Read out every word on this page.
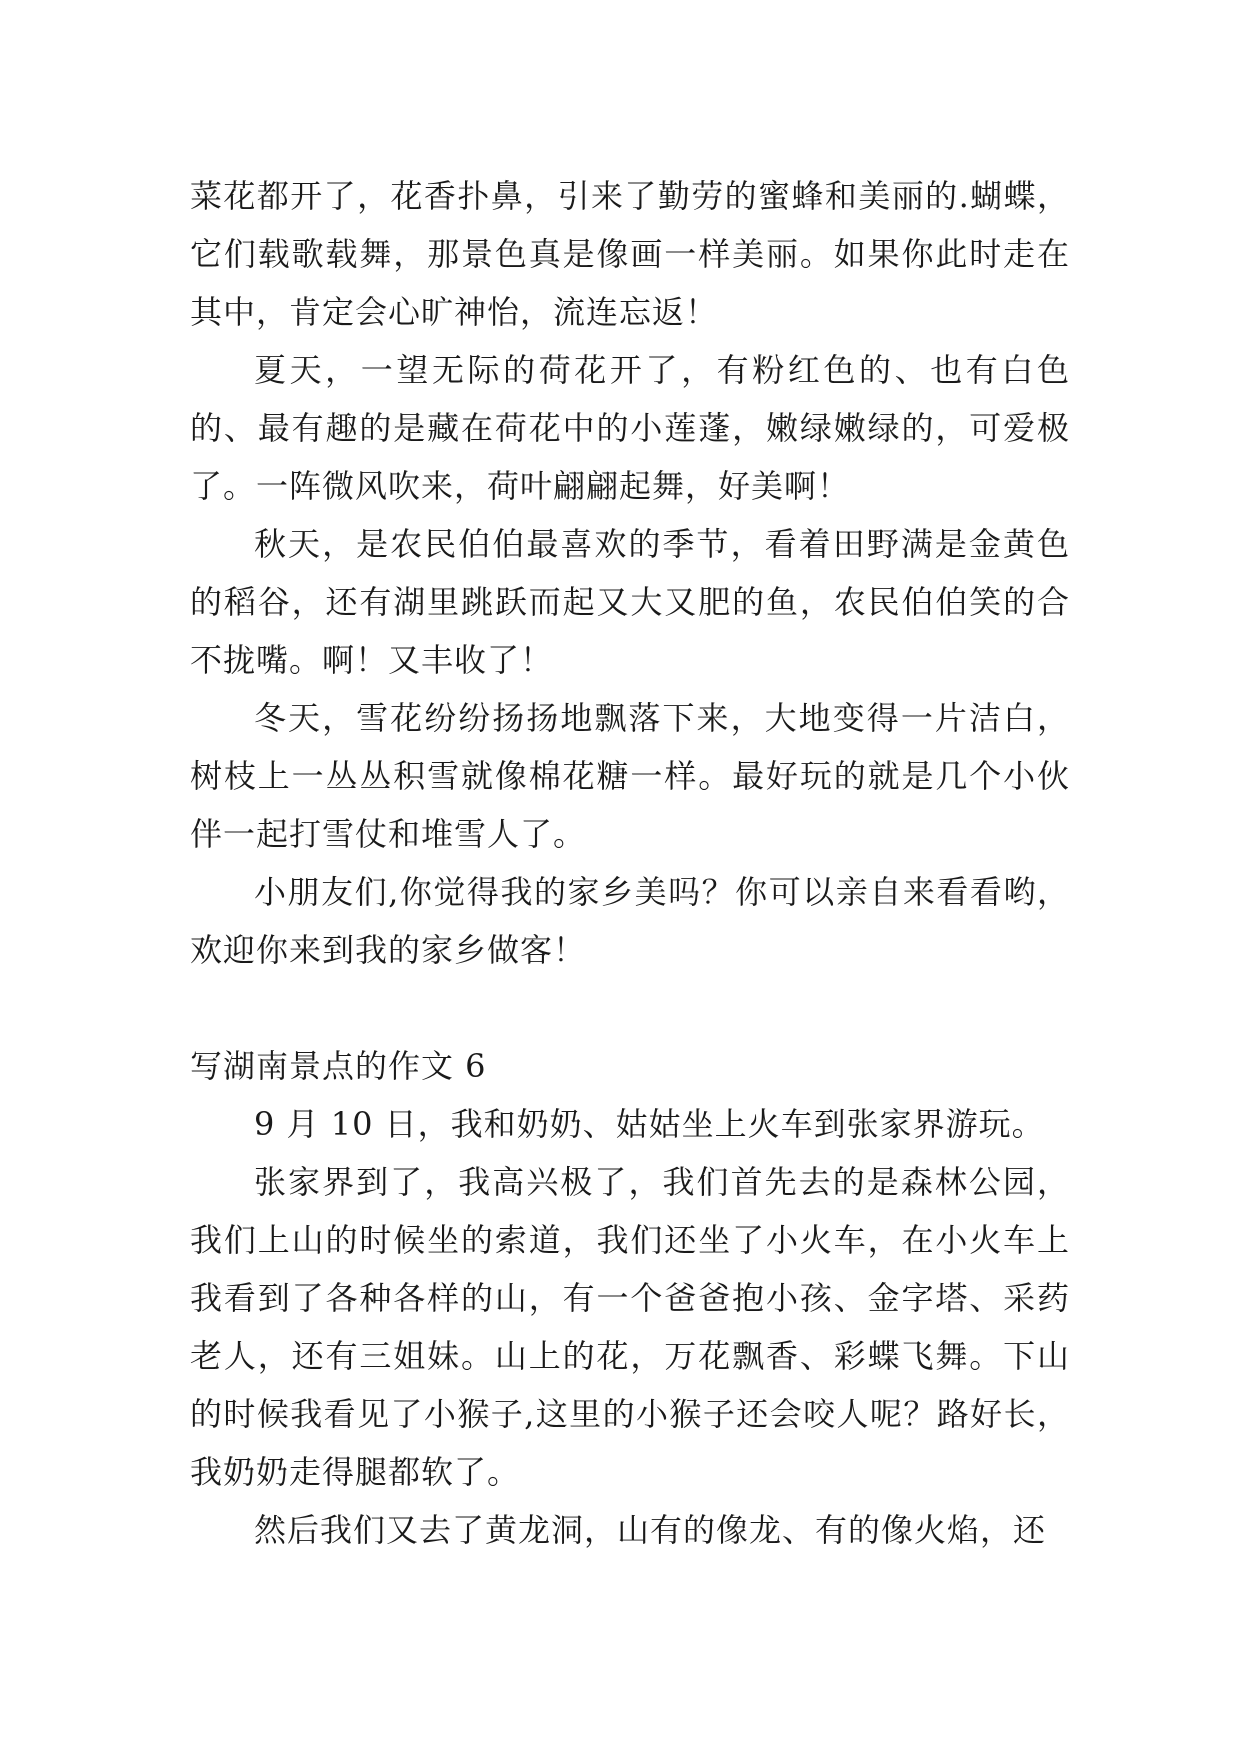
菜花都开了，花香扑鼻，引来了勤劳的蜜蜂和美丽的.蝴蝶，它们载歌载舞，那景色真是像画一样美丽。如果你此时走在其中，肯定会心旷神怡，流连忘返！

夏天，一望无际的荷花开了，有粉红色的、也有白色的、最有趣的是藏在荷花中的小莲蓬，嫩绿嫩绿的，可爱极了。一阵微风吹来，荷叶翩翩起舞，好美啊！

秋天，是农民伯伯最喜欢的季节，看着田野满是金黄色的稻谷，还有湖里跳跃而起又大又肥的鱼，农民伯伯笑的合不拢嘴。啊！又丰收了！

冬天，雪花纷纷扬扬地飘落下来，大地变得一片洁白，树枝上一丛丛积雪就像棉花糖一样。最好玩的就是几个小伙伴一起打雪仗和堆雪人了。

小朋友们,你觉得我的家乡美吗？你可以亲自来看看哟，欢迎你来到我的家乡做客！

写湖南景点的作文 6

9 月 10 日，我和奶奶、姑姑坐上火车到张家界游玩。

张家界到了，我高兴极了，我们首先去的是森林公园，我们上山的时候坐的索道，我们还坐了小火车，在小火车上我看到了各种各样的山，有一个爸爸抱小孩、金字塔、采药老人，还有三姐妹。山上的花，万花飘香、彩蝶飞舞。下山的时候我看见了小猴子,这里的小猴子还会咬人呢？路好长，我奶奶走得腿都软了。

然后我们又去了黄龙洞，山有的像龙、有的像火焰，还
